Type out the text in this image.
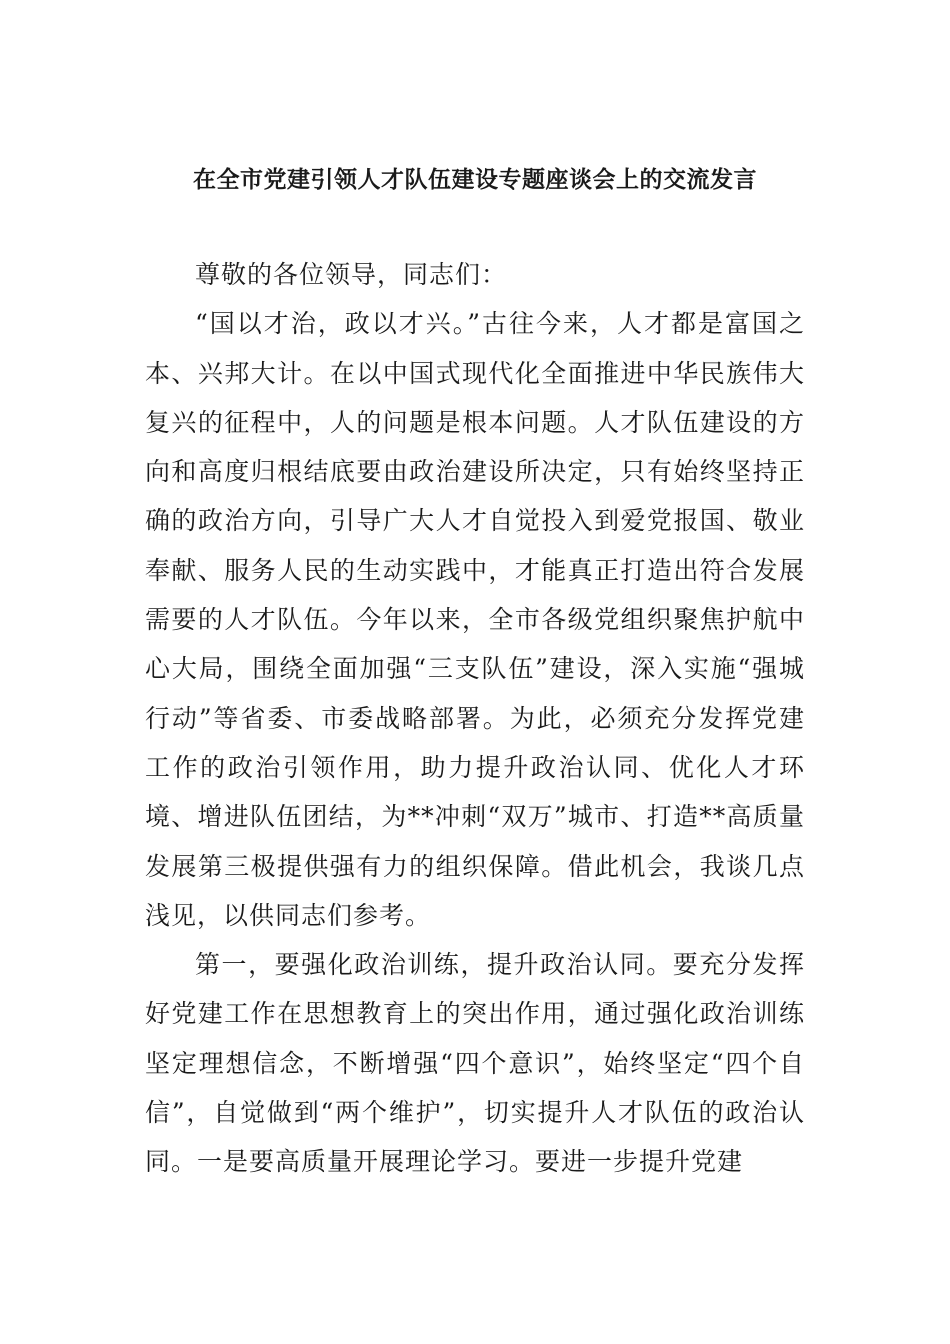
在全市党建引领人才队伍建设专题座谈会上的交流发言

尊敬的各位领导，同志们：

“国以才治，政以才兴。”古往今来，人才都是富国之本、兴邦大计。在以中国式现代化全面推进中华民族伟大复兴的征程中，人的问题是根本问题。人才队伍建设的方向和高度归根结底要由政治建设所决定，只有始终坚持正确的政治方向，引导广大人才自觉投入到爱党报国、敬业奉献、服务人民的生动实践中，才能真正打造出符合发展需要的人才队伍。今年以来，全市各级党组织聚焦护航中心大局，围绕全面加强“三支队伍”建设，深入实施“强城行动”等省委、市委战略部署。为此，必须充分发挥党建工作的政治引领作用，助力提升政治认同、优化人才环境、增进队伍团结，为**冲刺“双万”城市、打造**高质量发展第三极提供强有力的组织保障。借此机会，我谈几点浅见，以供同志们参考。

第一，要强化政治训练，提升政治认同。要充分发挥好党建工作在思想教育上的突出作用，通过强化政治训练坚定理想信念，不断增强“四个意识”，始终坚定“四个自信”，自觉做到“两个维护”，切实提升人才队伍的政治认同。一是要高质量开展理论学习。要进一步提升党建
